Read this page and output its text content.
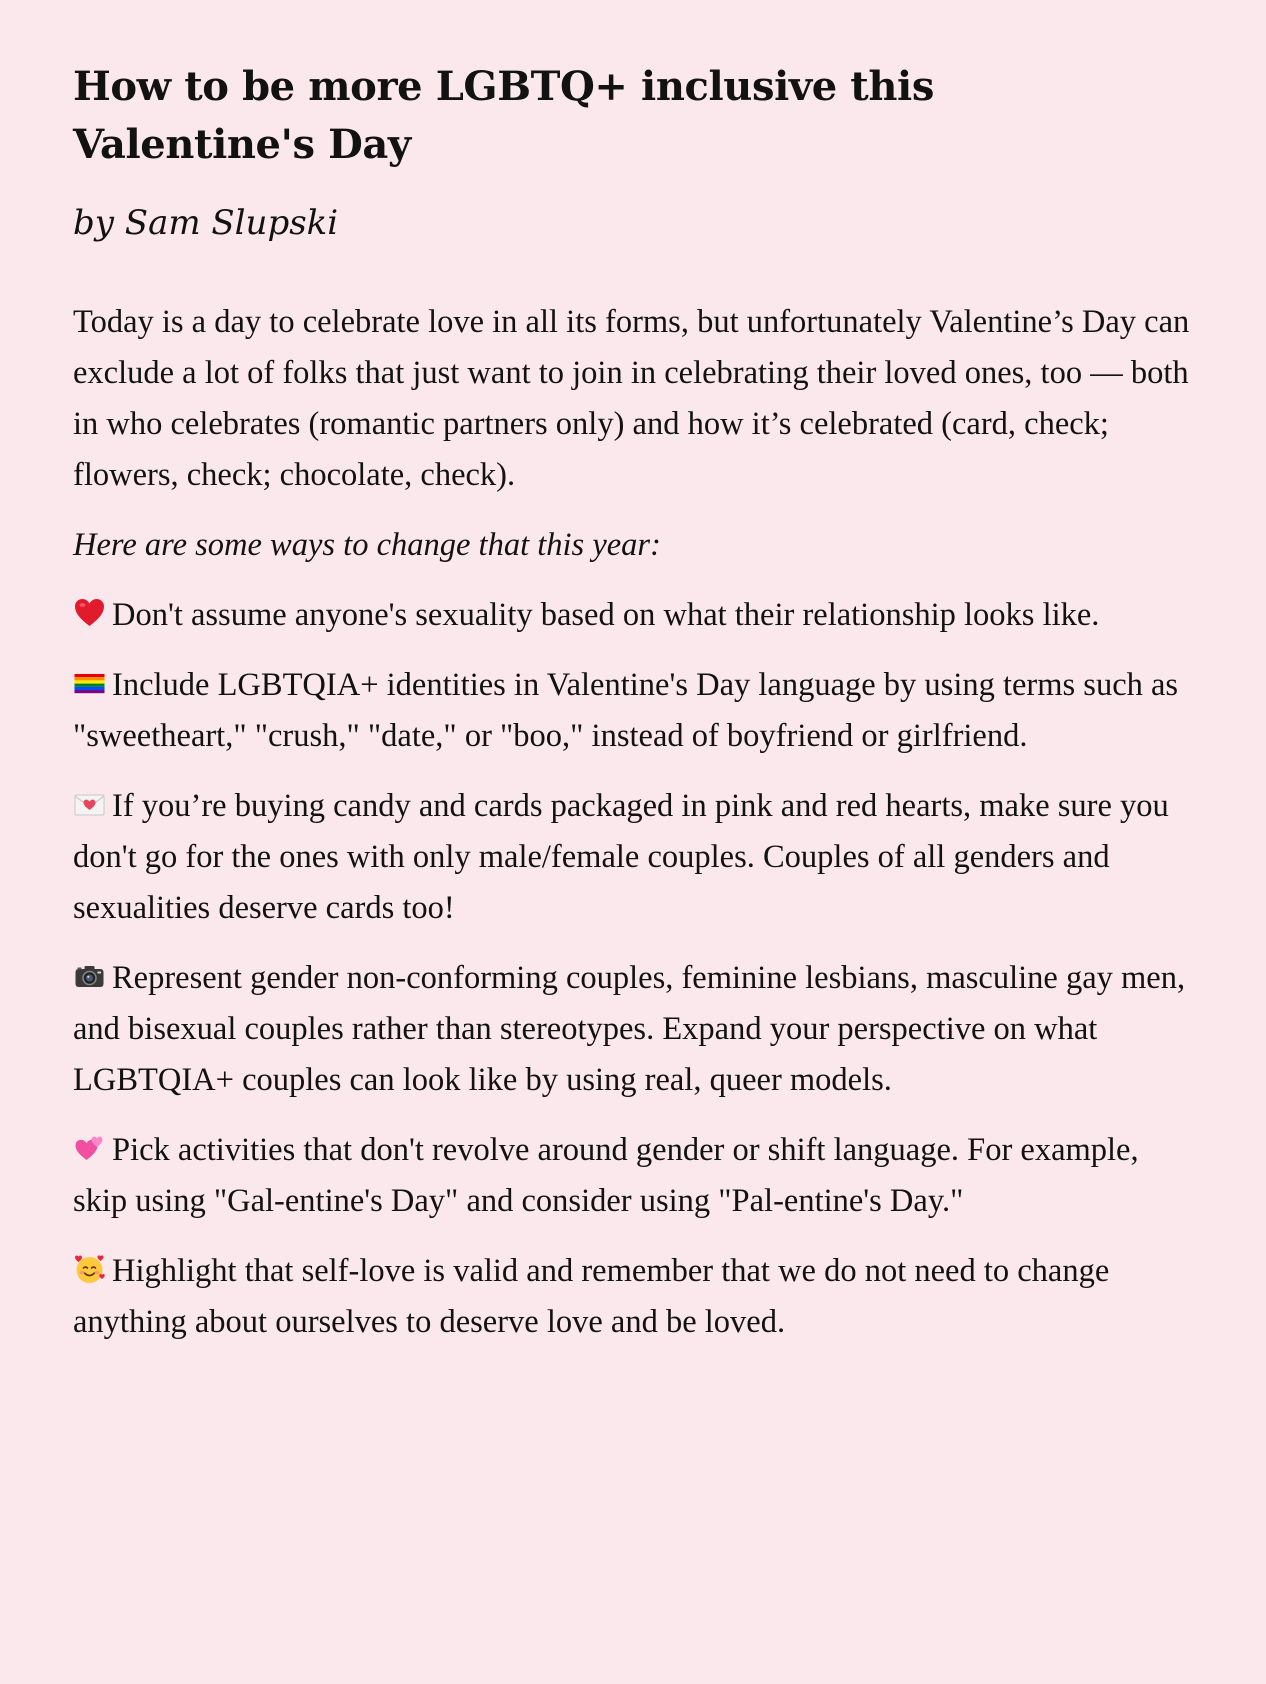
How to be more LGBTQ+ inclusive this Valentine's Day

by Sam Slupski

Today is a day to celebrate love in all its forms, but unfortunately Valentine’s Day can exclude a lot of folks that just want to join in celebrating their loved ones, too — both in who celebrates (romantic partners only) and how it’s celebrated (card, check; flowers, check; chocolate, check).

Here are some ways to change that this year:

Don't assume anyone's sexuality based on what their relationship looks like.

Include LGBTQIA+ identities in Valentine's Day language by using terms such as "sweetheart," "crush," "date," or "boo," instead of boyfriend or girlfriend.

If you’re buying candy and cards packaged in pink and red hearts, make sure you don't go for the ones with only male/female couples. Couples of all genders and sexualities deserve cards too!

Represent gender non-conforming couples, feminine lesbians, masculine gay men, and bisexual couples rather than stereotypes. Expand your perspective on what LGBTQIA+ couples can look like by using real, queer models.

Pick activities that don't revolve around gender or shift language. For example, skip using "Gal-entine's Day" and consider using "Pal-entine's Day."

Highlight that self-love is valid and remember that we do not need to change anything about ourselves to deserve love and be loved.
